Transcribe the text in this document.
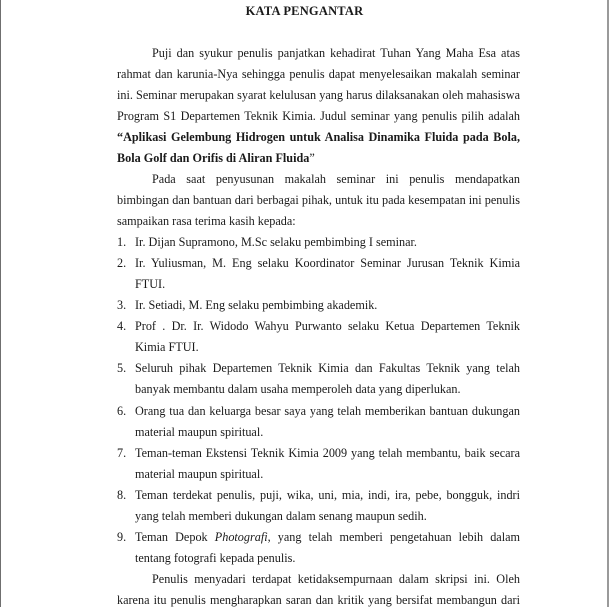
KATA PENGANTAR
Puji dan syukur penulis panjatkan kehadirat Tuhan Yang Maha Esa atas
rahmat dan karunia-Nya sehingga penulis dapat menyelesaikan makalah seminar
ini. Seminar merupakan syarat kelulusan yang harus dilaksanakan oleh mahasiswa
Program S1 Departemen Teknik Kimia. Judul seminar yang penulis pilih adalah
“Aplikasi Gelembung Hidrogen untuk Analisa Dinamika Fluida pada Bola,
Bola Golf dan Orifis di Aliran Fluida”
Pada saat penyusunan makalah seminar ini penulis mendapatkan
bimbingan dan bantuan dari berbagai pihak, untuk itu pada kesempatan ini penulis
sampaikan rasa terima kasih kepada:
1. Ir. Dijan Supramono, M.Sc selaku pembimbing I seminar.
2. Ir. Yuliusman, M. Eng selaku Koordinator Seminar Jurusan Teknik Kimia
FTUI.
3. Ir. Setiadi, M. Eng selaku pembimbing akademik.
4. Prof . Dr. Ir. Widodo Wahyu Purwanto selaku Ketua Departemen Teknik
Kimia FTUI.
5. Seluruh pihak Departemen Teknik Kimia dan Fakultas Teknik yang telah
banyak membantu dalam usaha memperoleh data yang diperlukan.
6. Orang tua dan keluarga besar saya yang telah memberikan bantuan dukungan
material maupun spiritual.
7. Teman-teman Ekstensi Teknik Kimia 2009 yang telah membantu, baik secara
material maupun spiritual.
8. Teman terdekat penulis, puji, wika, uni, mia, indi, ira, pebe, bongguk, indri
yang telah memberi dukungan dalam senang maupun sedih.
9. Teman Depok Photografi, yang telah memberi pengetahuan lebih dalam
tentang fotografi kepada penulis.
Penulis menyadari terdapat ketidaksempurnaan dalam skripsi ini. Oleh
karena itu penulis mengharapkan saran dan kritik yang bersifat membangun dari
